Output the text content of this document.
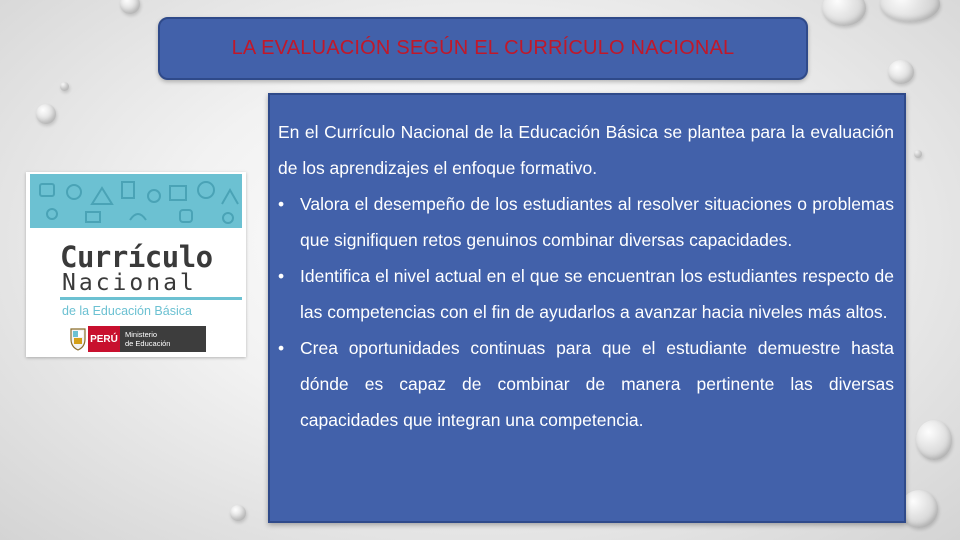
LA EVALUACIÓN SEGÚN EL CURRÍCULO NACIONAL
Currículo
Nacional
de la Educación Básica
PERÚ Ministerio
de Educación

En el Currículo Nacional de la Educación Básica se plantea para la evaluación de los aprendizajes el enfoque formativo.

• Valora el desempeño de los estudiantes al resolver situaciones o problemas que signifiquen retos genuinos combinar diversas capacidades.
• Identifica el nivel actual en el que se encuentran los estudiantes respecto de las competencias con el fin de ayudarlos a avanzar hacia niveles más altos.
• Crea oportunidades continuas para que el estudiante demuestre hasta dónde es capaz de combinar de manera pertinente las diversas capacidades que integran una competencia.
